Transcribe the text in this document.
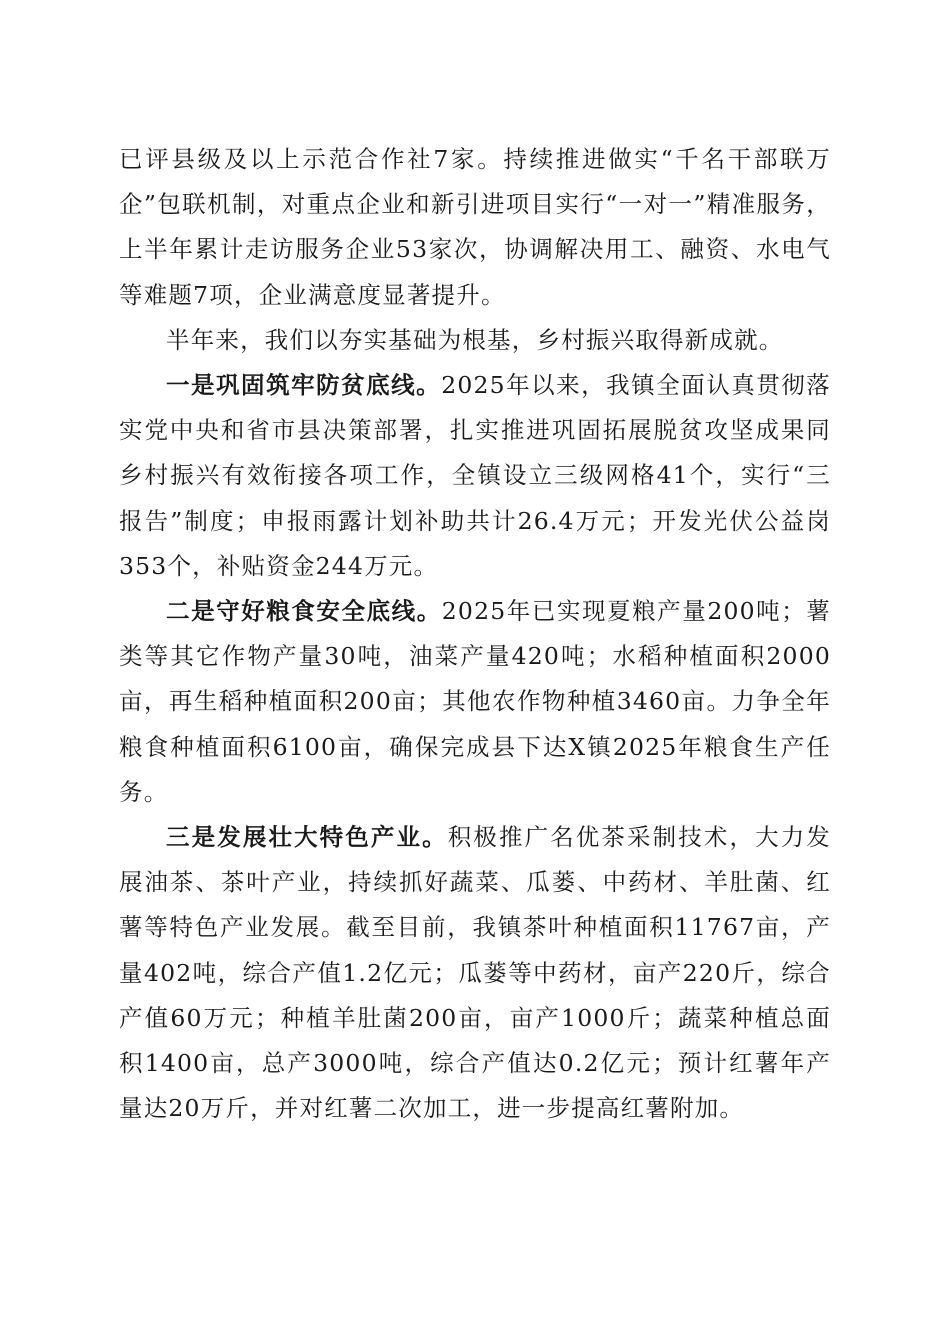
已评县级及以上示范合作社7家。持续推进做实“千名干部联万企”包联机制，对重点企业和新引进项目实行“一对一”精准服务，上半年累计走访服务企业53家次，协调解决用工、融资、水电气等难题7项，企业满意度显著提升。

半年来，我们以夯实基础为根基，乡村振兴取得新成就。

一是巩固筑牢防贫底线。2025年以来，我镇全面认真贯彻落实党中央和省市县决策部署，扎实推进巩固拓展脱贫攻坚成果同乡村振兴有效衔接各项工作，全镇设立三级网格41个，实行“三报告”制度；申报雨露计划补助共计26.4万元；开发光伏公益岗353个，补贴资金244万元。

二是守好粮食安全底线。2025年已实现夏粮产量200吨；薯类等其它作物产量30吨，油菜产量420吨；水稻种植面积2000亩，再生稻种植面积200亩；其他农作物种植3460亩。力争全年粮食种植面积6100亩，确保完成县下达X镇2025年粮食生产任务。

三是发展壮大特色产业。积极推广名优茶采制技术，大力发展油茶、茶叶产业，持续抓好蔬菜、瓜蒌、中药材、羊肚菌、红薯等特色产业发展。截至目前，我镇茶叶种植面积11767亩，产量402吨，综合产值1.2亿元；瓜蒌等中药材，亩产220斤，综合产值60万元；种植羊肚菌200亩，亩产1000斤；蔬菜种植总面积1400亩，总产3000吨，综合产值达0.2亿元；预计红薯年产量达20万斤，并对红薯二次加工，进一步提高红薯附加。
